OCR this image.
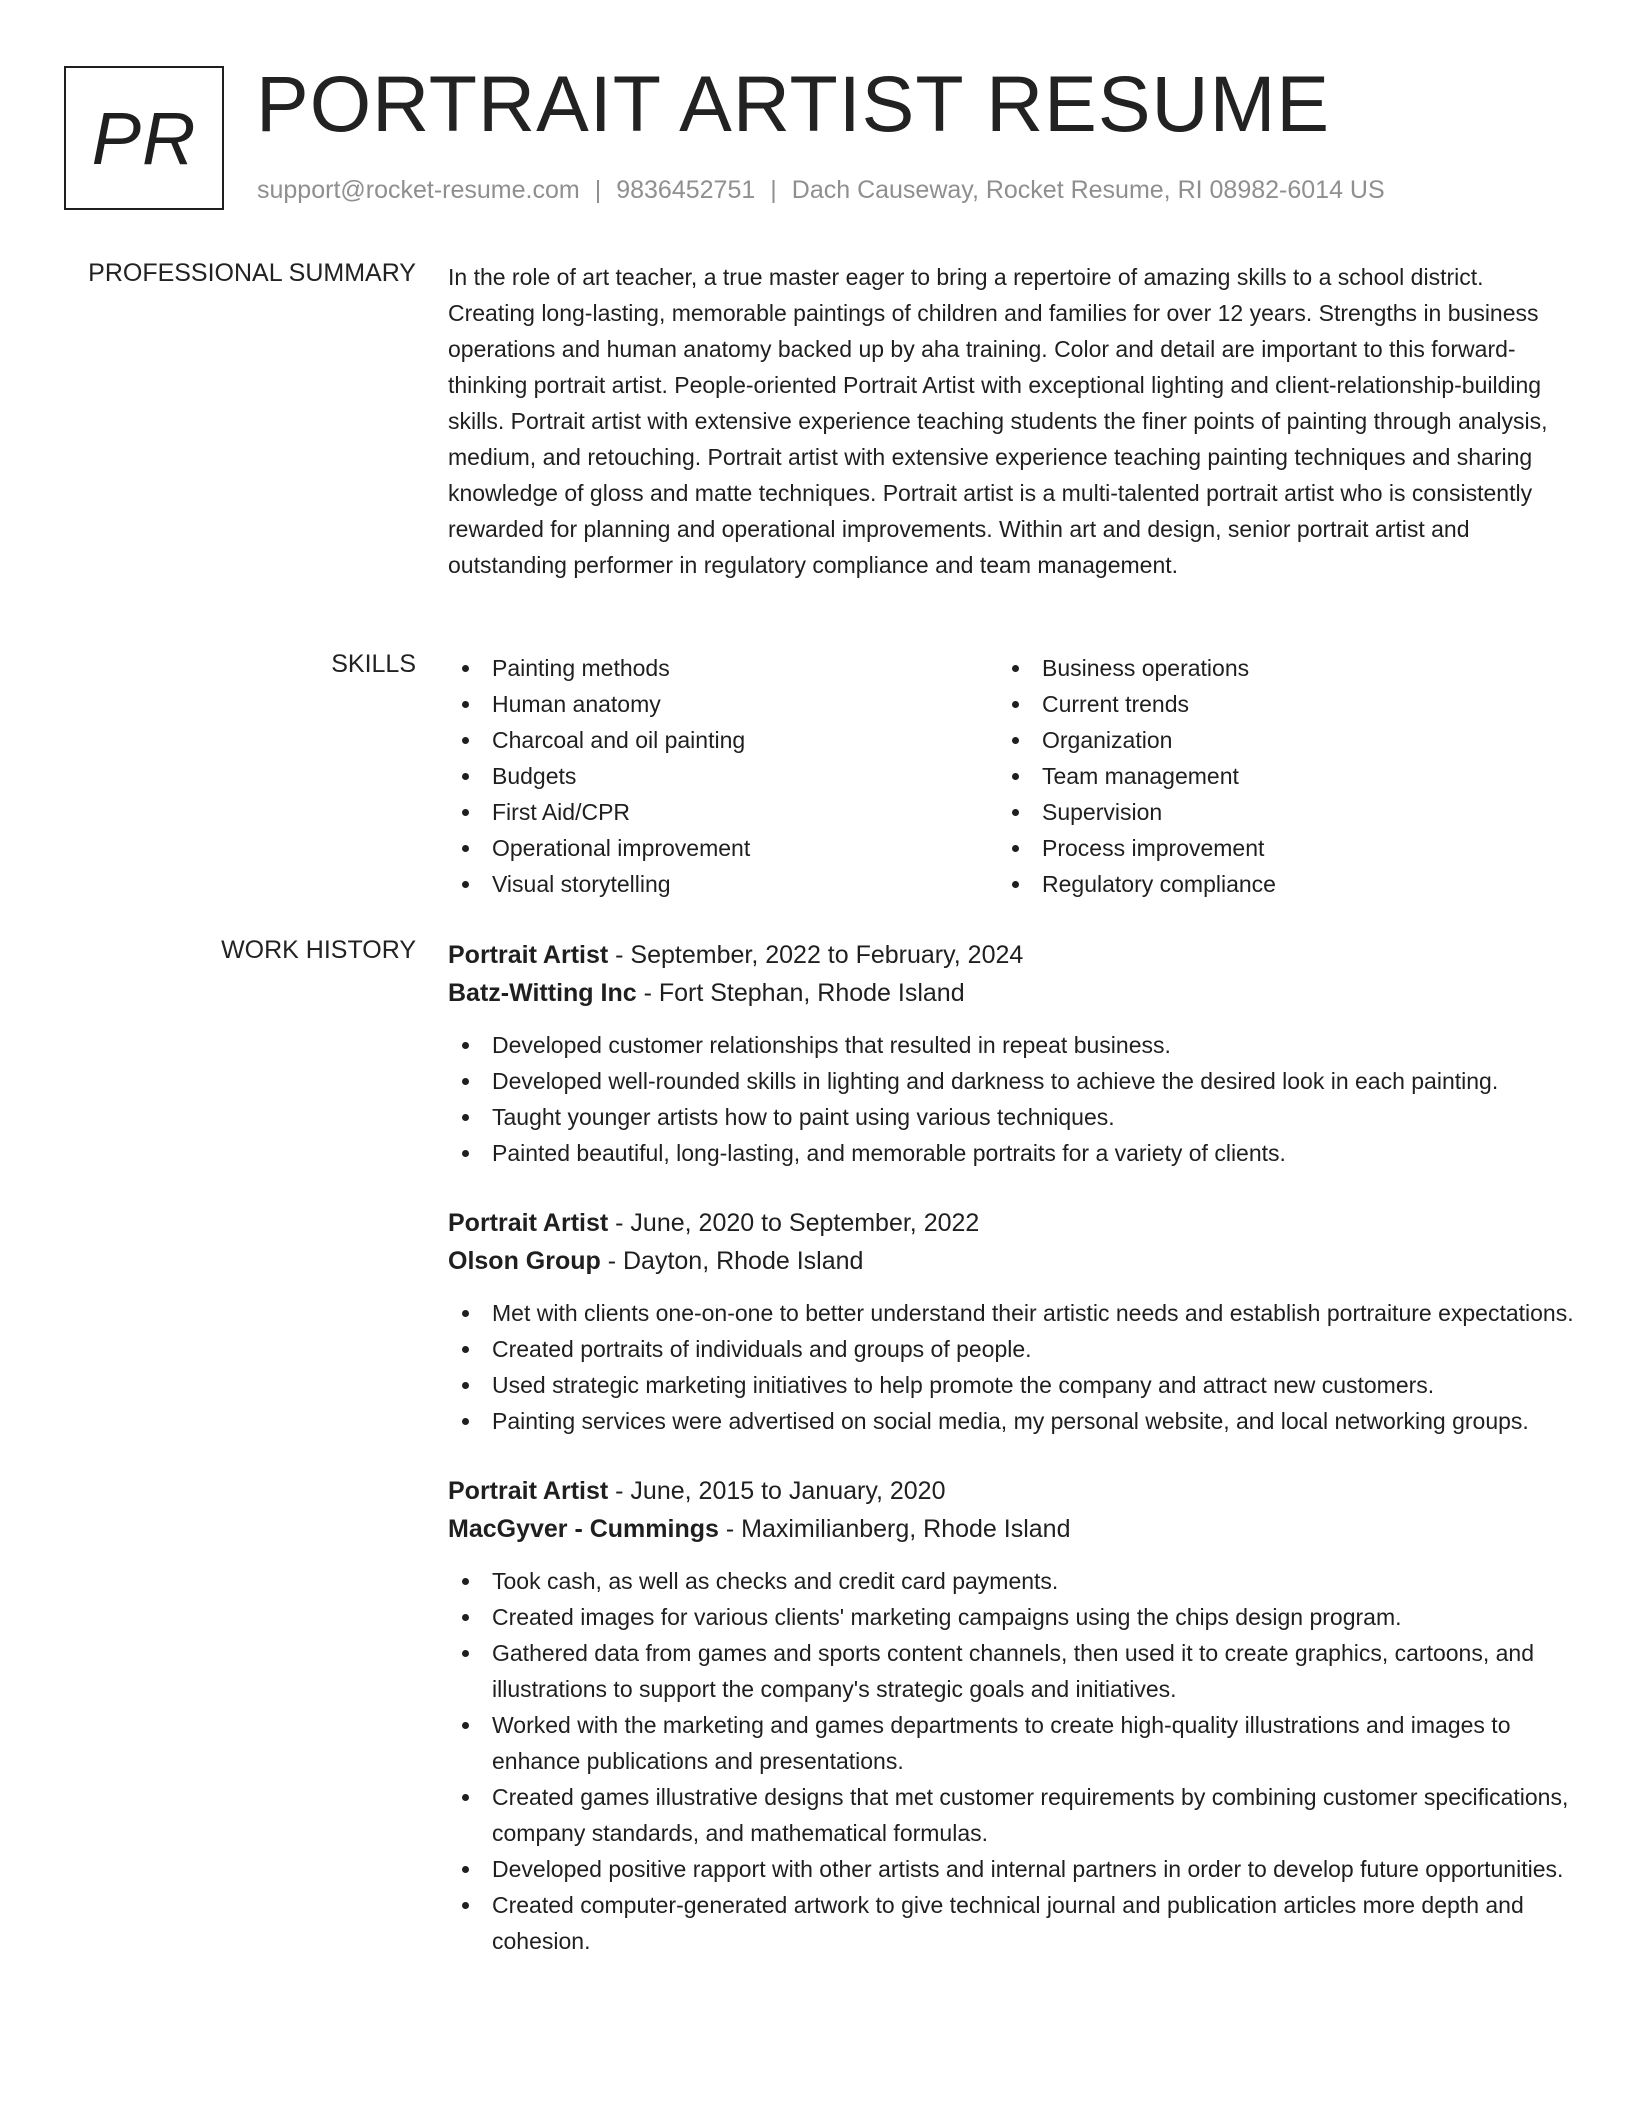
PR PORTRAIT ARTIST RESUME
support@rocket-resume.com | 9836452751 | Dach Causeway, Rocket Resume, RI 08982-6014 US
PROFESSIONAL SUMMARY In the role of art teacher, a true master eager to bring a repertoire of amazing skills to a school district. Creating long-lasting, memorable paintings of children and families for over 12 years. Strengths in business operations and human anatomy backed up by aha training. Color and detail are important to this forward-thinking portrait artist. People-oriented Portrait Artist with exceptional lighting and client-relationship-building skills. Portrait artist with extensive experience teaching students the finer points of painting through analysis, medium, and retouching. Portrait artist with extensive experience teaching painting techniques and sharing knowledge of gloss and matte techniques. Portrait artist is a multi-talented portrait artist who is consistently rewarded for planning and operational improvements. Within art and design, senior portrait artist and outstanding performer in regulatory compliance and team management.
SKILLS	Painting methods
Human anatomy
Charcoal and oil painting
Budgets
First Aid/CPR
Operational improvement
Visual storytelling
Business operations
Current trends
Organization
Team management
Supervision
Process improvement
Regulatory compliance
WORK HISTORY Portrait Artist - September, 2022 to February, 2024
Batz-Witting Inc - Fort Stephan, Rhode Island
Developed customer relationships that resulted in repeat business.
Developed well-rounded skills in lighting and darkness to achieve the desired look in each painting.
Taught younger artists how to paint using various techniques.
Painted beautiful, long-lasting, and memorable portraits for a variety of clients.
Portrait Artist - June, 2020 to September, 2022
Olson Group - Dayton, Rhode Island
Met with clients one-on-one to better understand their artistic needs and establish portraiture expectations.
Created portraits of individuals and groups of people.
Used strategic marketing initiatives to help promote the company and attract new customers.
Painting services were advertised on social media, my personal website, and local networking groups.
Portrait Artist - June, 2015 to January, 2020
MacGyver - Cummings - Maximilianberg, Rhode Island
Took cash, as well as checks and credit card payments.
Created images for various clients' marketing campaigns using the chips design program.
Gathered data from games and sports content channels, then used it to create graphics, cartoons, and illustrations to support the company's strategic goals and initiatives.
Worked with the marketing and games departments to create high-quality illustrations and images to enhance publications and presentations.
Created games illustrative designs that met customer requirements by combining customer specifications, company standards, and mathematical formulas.
Developed positive rapport with other artists and internal partners in order to develop future opportunities.
Created computer-generated artwork to give technical journal and publication articles more depth and cohesion.
